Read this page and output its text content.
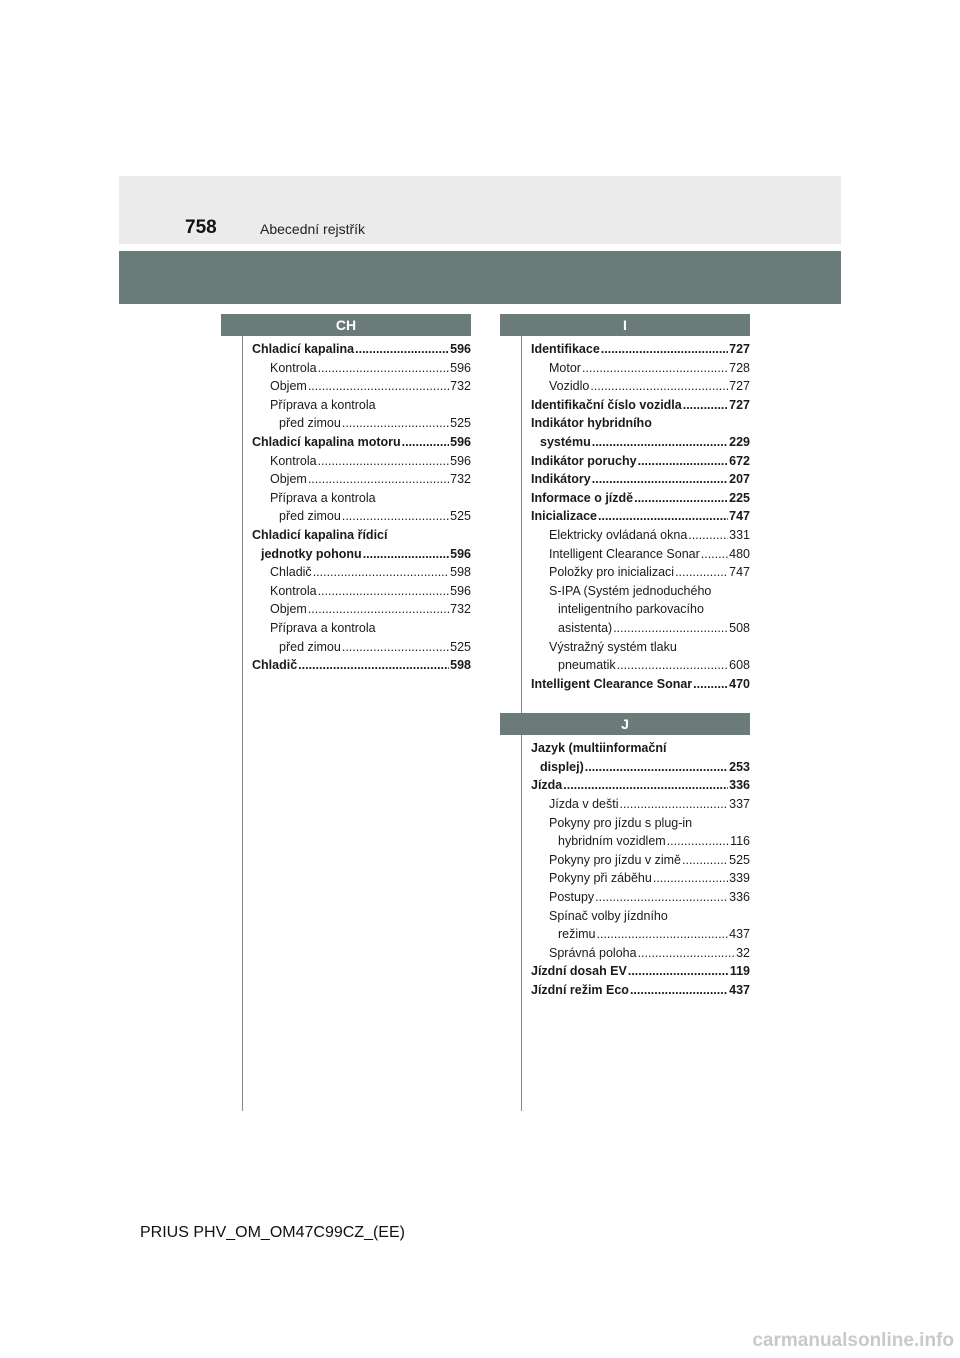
758	Abecední rejstřík
CH
Chladicí kapalina .....	596
Kontrola .....	596
Objem .....	732
Příprava a kontrola
před zimou .....	525
Chladicí kapalina motoru .....	596
Kontrola .....	596
Objem .....	732
Příprava a kontrola
před zimou .....	525
Chladicí kapalina řídicí
jednotky pohonu .....	596
Chladič .....	598
Kontrola .....	596
Objem .....	732
Příprava a kontrola
před zimou .....	525
Chladič .....	598
I
Identifikace .....	727
Motor .....	728
Vozidlo .....	727
Identifikační číslo vozidla .....	727
Indikátor hybridního
systému .....	229
Indikátor poruchy .....	672
Indikátory .....	207
Informace o jízdě .....	225
Inicializace .....	747
Elektricky ovládaná okna .....	331
Intelligent Clearance Sonar ..... 480
Položky pro inicializaci .....	747
S-IPA (Systém jednoduchého
inteligentního parkovacího
asistenta) .....	508
Výstražný systém tlaku
pneumatik .....	608
Intelligent Clearance Sonar .....	470
J
Jazyk (multiinformační
displej) .....	253
Jízda .....	336
Jízda v dešti .....	337
Pokyny pro jízdu s plug-in
hybridním vozidlem .....	116
Pokyny pro jízdu v zimě .....	525
Pokyny při záběhu .....	339
Postupy .....	336
Spínač volby jízdního
režimu .....	437
Správná poloha .....	32
Jízdní dosah EV .....	119
Jízdní režim Eco .....	437
PRIUS PHV_OM_OM47C99CZ_(EE)
carmanualsonline.info
